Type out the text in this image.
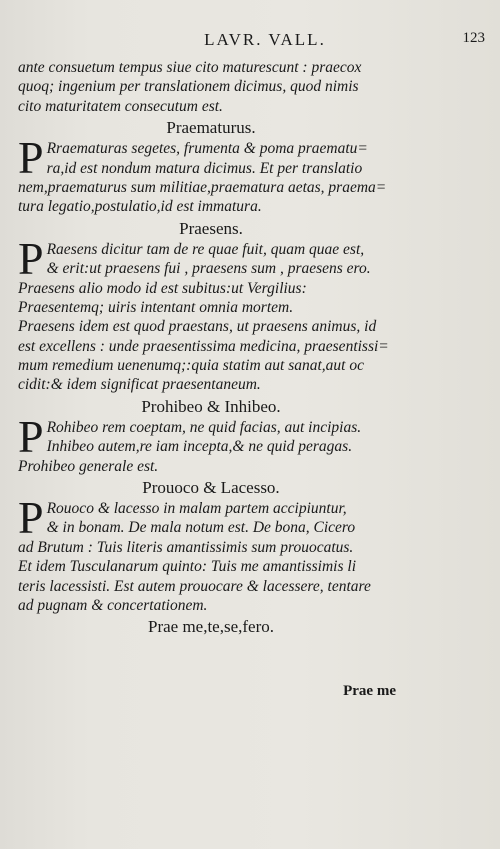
LAVR. VALL.	123
ante consuetum tempus siue cito maturescunt : praecox
quoq; ingenium per translationem dicimus, quod nimis
cito maturitatem consecutum est.
Praematurus.
P Rraematuras segetes, frumenta & poma praematu=
ra,id est nondum matura dicimus. Et per translatio
nem,praematurus sum militiae,praematura aetas, praema=
tura legatio,postulatio,id est immatura.
Praesens.
P Raesens dicitur tam de re quae fuit, quam quae est,
& erit:ut praesens fui , praesens sum , praesens ero.
Praesens alio modo id est subitus:ut Vergilius:
Praesentemq; uiris intentant omnia mortem.
Praesens idem est quod praestans, ut praesens animus, id
est excellens : unde praesentissima medicina, praesentissi=
mum remedium uenenumq;:quia statim aut sanat,aut oc
cidit:& idem significat praesentaneum.
Prohibeo & Inhibeo.
P Rohibeo rem coeptam, ne quid facias, aut incipias.
Inhibeo autem,re iam incepta,& ne quid peragas.
Prohibeo generale est.
Prouoco & Lacesso.
P Rouoco & lacesso in malam partem accipiuntur,
& in bonam. De mala notum est. De bona, Cicero
ad Brutum : Tuis literis amantissimis sum prouocatus.
Et idem Tusculanarum quinto: Tuis me amantissimis li
teris lacessisti. Est autem prouocare & lacessere, tentare
ad pugnam & concertationem.
Prae me,te,se,fero.
Prae me
